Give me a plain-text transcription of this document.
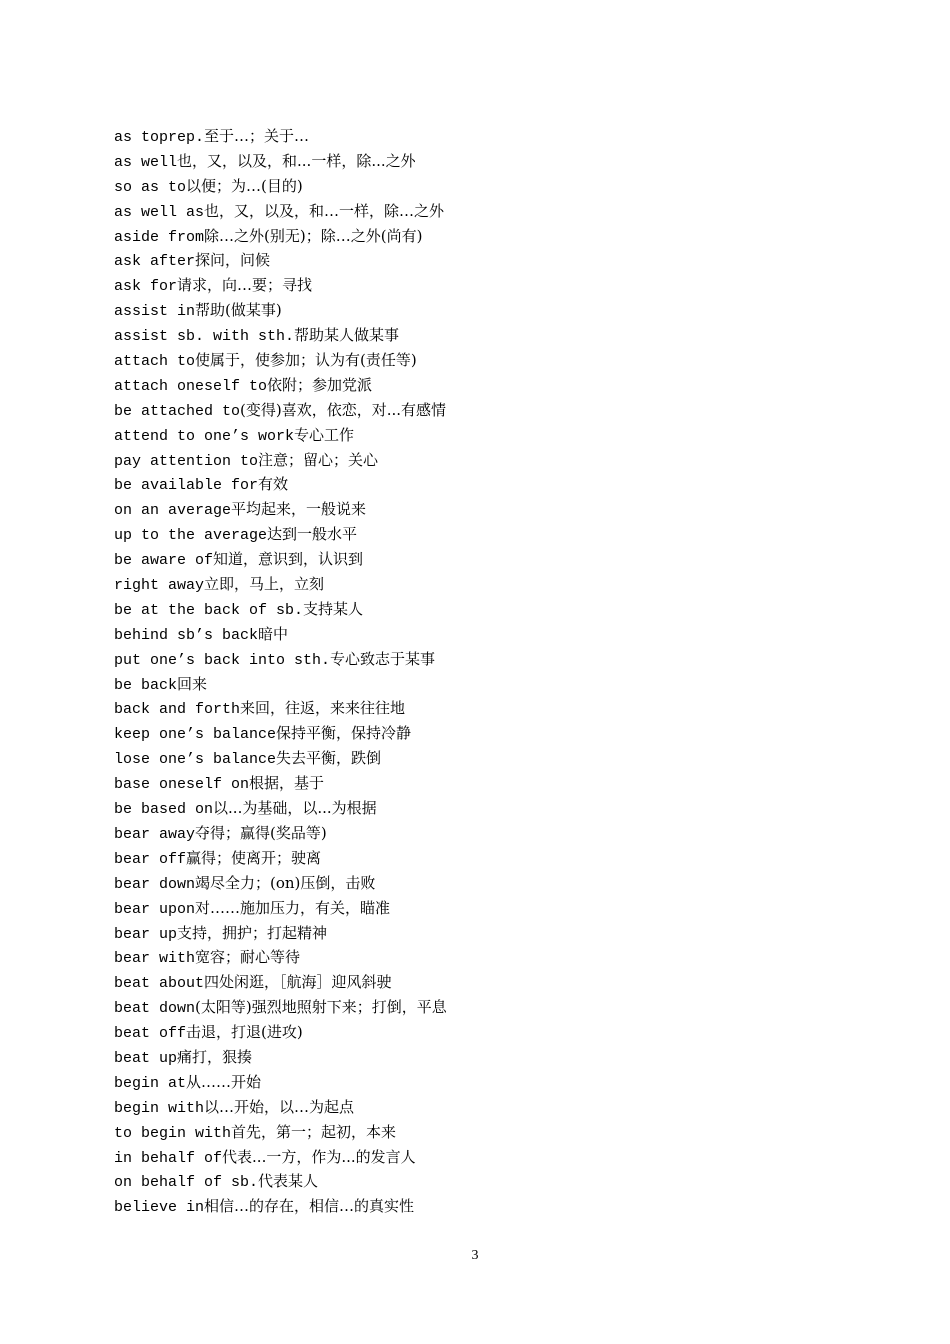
as toprep.至于…；关于…
as well也，又，以及，和...一样，除...之外
so as to以便；为…(目的)
as well as也，又，以及，和…一样，除…之外
aside from除…之外(别无)；除…之外(尚有)
ask after探问，问候
ask for请求，向…要；寻找
assist in帮助(做某事)
assist sb. with sth.帮助某人做某事
attach to使属于，使参加；认为有(责任等)
attach oneself to依附；参加党派
be attached to(变得)喜欢，依恋，对...有感情
attend to one’s work专心工作
pay attention to注意；留心；关心
be available for有效
on an average平均起来，一般说来
up to the average达到一般水平
be aware of知道，意识到，认识到
right away立即，马上，立刻
be at the back of sb.支持某人
behind sb’s back暗中
put one’s back into sth.专心致志于某事
be back回来
back and forth来回，往返，来来往往地
keep one’s balance保持平衡，保持冷静
lose one’s balance失去平衡，跌倒
base oneself on根据，基于
be based on以...为基础，以...为根据
bear away夺得；赢得(奖品等)
bear off赢得；使离开；驶离
bear down竭尽全力；(on)压倒，击败
bear upon对……施加压力，有关，瞄准
bear up支持，拥护；打起精神
bear with宽容；耐心等待
beat about四处闲逛，［航海］迎风斜驶
beat down(太阳等)强烈地照射下来；打倒，平息
beat off击退，打退(进攻)
beat up痛打，狠揍
begin at从……开始
begin with以…开始，以…为起点
to begin with首先，第一；起初，本来
in behalf of代表...一方，作为...的发言人
on behalf of sb.代表某人
believe in相信…的存在，相信…的真实性
3
